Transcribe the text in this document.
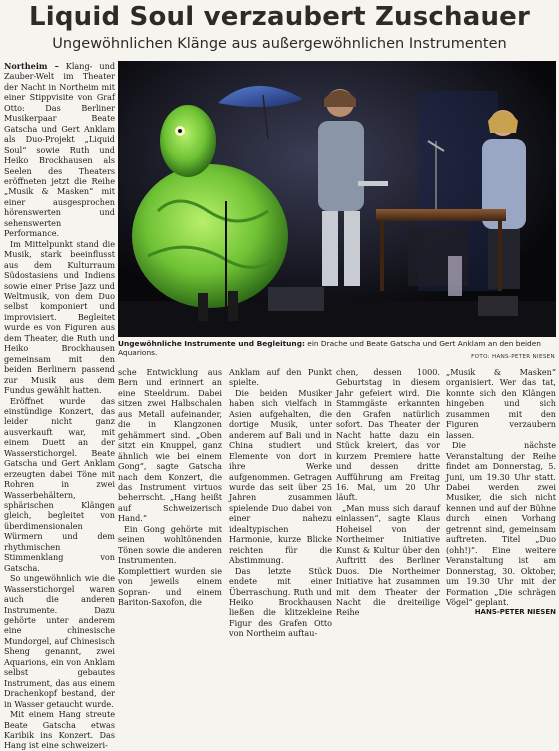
Liquid Soul verzaubert Zuschauer
Ungewöhnlichen Klänge aus außergewöhnlichen Instrumenten

Northeim – Klang- und Zauber-Welt im Theater der Nacht in Northeim mit einer Stippvisite von Graf Otto: Das Berliner Musikerpaar Beate Gatscha und Gert Anklam als Duo-Projekt „Liquid Soul“ sowie Ruth und Heiko Brockhausen als Seelen des Theaters eröffneten jetzt die Reihe „Musik & Masken“ mit einer ausgesprochen hörenswerten und sehenswerten Performance.

Im Mittelpunkt stand die Musik, stark beeinflusst aus dem Kulturraum Südostasiens und Indiens sowie einer Prise Jazz und Weltmusik, von dem Duo selbst komponiert und improvisiert. Begleitet wurde es von Figuren aus dem Theater, die Ruth und Heiko Brockhausen gemeinsam mit den beiden Berlinern passend zur Musik aus dem Fundus gewählt hatten.

Eröffnet wurde das einstündige Konzert, das leider nicht ganz ausverkauft war, mit einem Duett an der Wasserstichorgel. Beate Gatscha und Gert Anklam erzeugten dabei Töne mit Rohren in zwei Wasserbehältern, sphärischen Klängen gleich, begleitet von überdimensionalen Würmern und dem rhythmischen Stimmenklang von Gatscha.

So ungewöhnlich wie die Wasserstichorgel waren auch die anderen Instrumente. Dazu gehörte unter anderem eine chinesische Mundorgel, auf Chinesisch Sheng genannt, zwei Aquarions, ein von Anklam selbst gebautes Instrument, das aus einem Drachenkopf bestand, der in Wasser getaucht wurde.

Mit einem Hang streute Beate Gatscha etwas Karibik ins Konzert. Das Hang ist eine schweizeri-

Ungewöhnliche Instrumente und Begleitung: ein Drache und Beate Gatscha und Gert Anklam an den beiden Aquarions.	FOTO: HANS-PETER NIESEN

sche Entwicklung aus Bern und erinnert an eine Steeldrum. Dabei sitzen zwei Halbschalen aus Metall aufeinander, die in Klangzonen gehämmert sind. „Oben sitzt ein Knuppel, ganz ähnlich wie bei einem Gong“, sagte Gatscha nach dem Konzert, die das Instrument virtuos beherrscht. „Hang heißt auf Schweizerisch Hand.“

Ein Gong gehörte mit seinen wohltönenden Tönen sowie die anderen Instrumenten. Komplettiert wurden sie von jeweils einem Sopran- und einem Bariton-Saxofon, die

Anklam auf den Punkt spielte.

Die beiden Musiker haben sich vielfach in Asien aufgehalten, die dortige Musik, unter anderem auf Bali und in China studiert und Elemente von dort in ihre Werke aufgenommen. Getragen wurde das seit über 25 Jahren zusammen spielende Duo dabei von einer nahezu idealtypischen Harmonie, kurze Blicke reichten für die Abstimmung.

Das letzte Stück endete mit einer Überraschung. Ruth und Heiko Brockhausen ließen die klitzekleine Figur des Grafen Otto von Northeim auftau-

chen, dessen 1000. Geburtstag in diesem Jahr gefeiert wird. Die Stammgäste erkannten den Grafen natürlich sofort. Das Theater der Nacht hatte dazu ein Stück kreiert, das vor kurzem Premiere hatte und dessen dritte Aufführung am Freitag 16. Mai, um 20 Uhr läuft.

„Man muss sich darauf einlassen“, sagte Klaus Hoheisel von der Northeimer Initiative Kunst & Kultur über den Auftritt des Berliner Duos. Die Northeimer Initiative hat zusammen mit dem Theater der Nacht die dreiteilige Reihe

„Musik & Masken“ organisiert. Wer das tat, konnte sich den Klängen hingeben und sich zusammen mit den Figuren verzaubern lassen.

Die nächste Veranstaltung der Reihe findet am Donnerstag, 5. Juni, um 19.30 Uhr statt. Dabei werden zwei Musiker, die sich nicht kennen und auf der Bühne durch einen Vorhang getrennt sind, gemeinsam auftreten. Titel „Duo (ohh!)“. Eine weitere Veranstaltung ist am Donnerstag, 30. Oktober, um 19.30 Uhr mit der Formation „Die schrägen Vögel“ geplant.

HANS-PETER NIESEN
